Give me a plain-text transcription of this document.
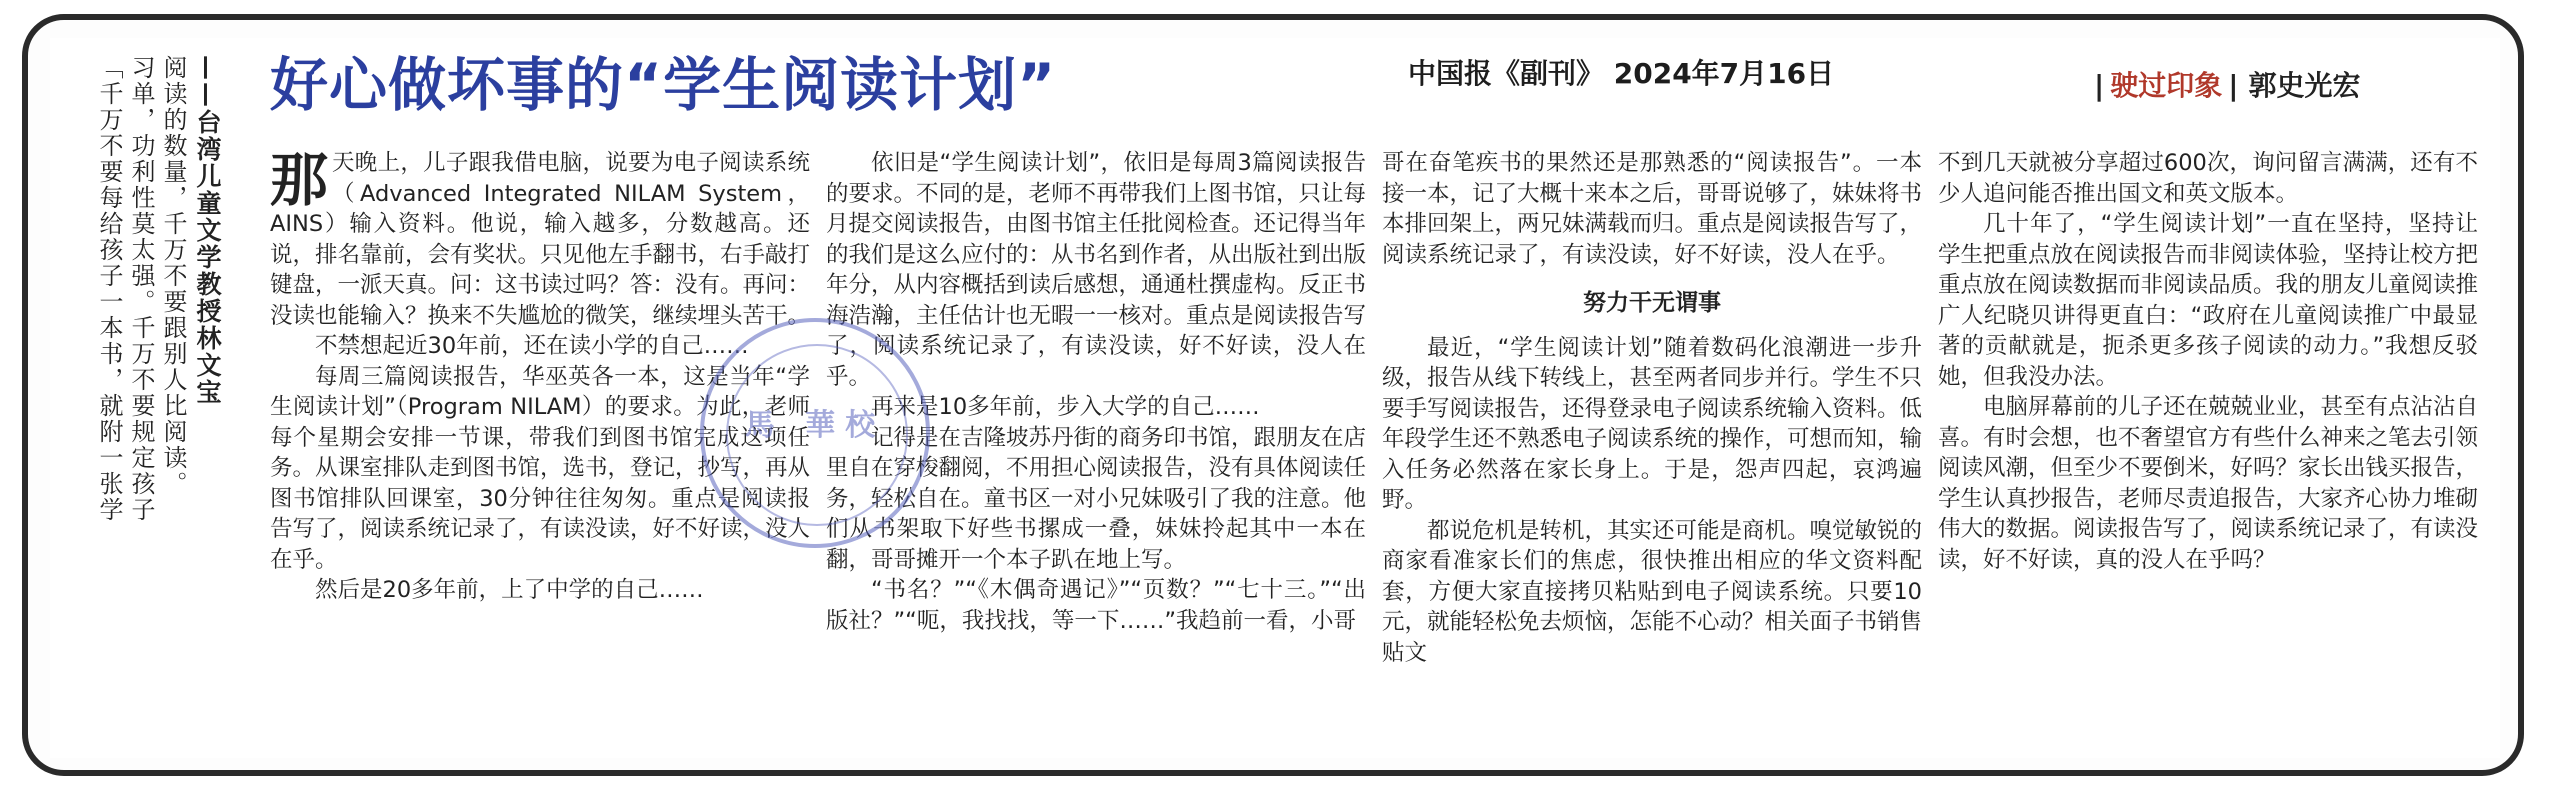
——台湾儿童文学教授林文宝
阅读的数量，千万不要跟别人比阅读。
习单，功利性莫太强。千万不要规定孩子
「千万不要每给孩子一本书，就附一张学	好心做坏事的“学生阅读计划”	中国报《副刊》 2024年7月16日	| 驶过印象 | 郭史光宏

那天晚上，儿子跟我借电脑，说要为电子阅读系统（Advanced Integrated NILAM System，AINS）输入资料。他说，输入越多，分数越高。还说，排名靠前，会有奖状。只见他左手翻书，右手敲打键盘，一派天真。问：这书读过吗？答：没有。再问：没读也能输入？换来不失尴尬的微笑，继续埋头苦干。

不禁想起近30年前，还在读小学的自己……

每周三篇阅读报告，华巫英各一本，这是当年“学生阅读计划”（Program NILAM）的要求。为此，老师每个星期会安排一节课，带我们到图书馆完成这项任务。从课室排队走到图书馆，选书，登记，抄写，再从图书馆排队回课室，30分钟往往匆匆。重点是阅读报告写了，阅读系统记录了，有读没读，好不好读，没人在乎。

然后是20多年前，上了中学的自己……

依旧是“学生阅读计划”，依旧是每周3篇阅读报告的要求。不同的是，老师不再带我们上图书馆，只让每月提交阅读报告，由图书馆主任批阅检查。还记得当年的我们是这么应付的：从书名到作者，从出版社到出版年分，从内容概括到读后感想，通通杜撰虚构。反正书海浩瀚，主任估计也无暇一一核对。重点是阅读报告写了，阅读系统记录了，有读没读，好不好读，没人在乎。

再来是10多年前，步入大学的自己……

记得是在吉隆坡苏丹街的商务印书馆，跟朋友在店里自在穿梭翻阅，不用担心阅读报告，没有具体阅读任务，轻松自在。童书区一对小兄妹吸引了我的注意。他们从书架取下好些书摞成一叠，妹妹拎起其中一本在翻，哥哥摊开一个本子趴在地上写。

“书名？”“《木偶奇遇记》”“页数？”“七十三。”“出版社？”“呃，我找找，等一下……”我趋前一看，小哥

哥在奋笔疾书的果然还是那熟悉的“阅读报告”。一本接一本，记了大概十来本之后，哥哥说够了，妹妹将书本排回架上，两兄妹满载而归。重点是阅读报告写了，阅读系统记录了，有读没读，好不好读，没人在乎。

努力干无谓事

最近，“学生阅读计划”随着数码化浪潮进一步升级，报告从线下转线上，甚至两者同步并行。学生不只要手写阅读报告，还得登录电子阅读系统输入资料。低年段学生还不熟悉电子阅读系统的操作，可想而知，输入任务必然落在家长身上。于是，怨声四起，哀鸿遍野。

都说危机是转机，其实还可能是商机。嗅觉敏锐的商家看准家长们的焦虑，很快推出相应的华文资料配套，方便大家直接拷贝粘贴到电子阅读系统。只要10元，就能轻松免去烦恼，怎能不心动？相关面子书销售贴文

不到几天就被分享超过600次，询问留言满满，还有不少人追问能否推出国文和英文版本。

几十年了，“学生阅读计划”一直在坚持，坚持让学生把重点放在阅读报告而非阅读体验，坚持让校方把重点放在阅读数据而非阅读品质。我的朋友儿童阅读推广人纪晓贝讲得更直白：“政府在儿童阅读推广中最显著的贡献就是，扼杀更多孩子阅读的动力。”我想反驳她，但我没办法。

电脑屏幕前的儿子还在兢兢业业，甚至有点沾沾自喜。有时会想，也不奢望官方有些什么神来之笔去引领阅读风潮，但至少不要倒米，好吗？家长出钱买报告，学生认真抄报告，老师尽责追报告，大家齐心协力堆砌伟大的数据。阅读报告写了，阅读系统记录了，有读没读，好不好读，真的没人在乎吗？

馬 華校
